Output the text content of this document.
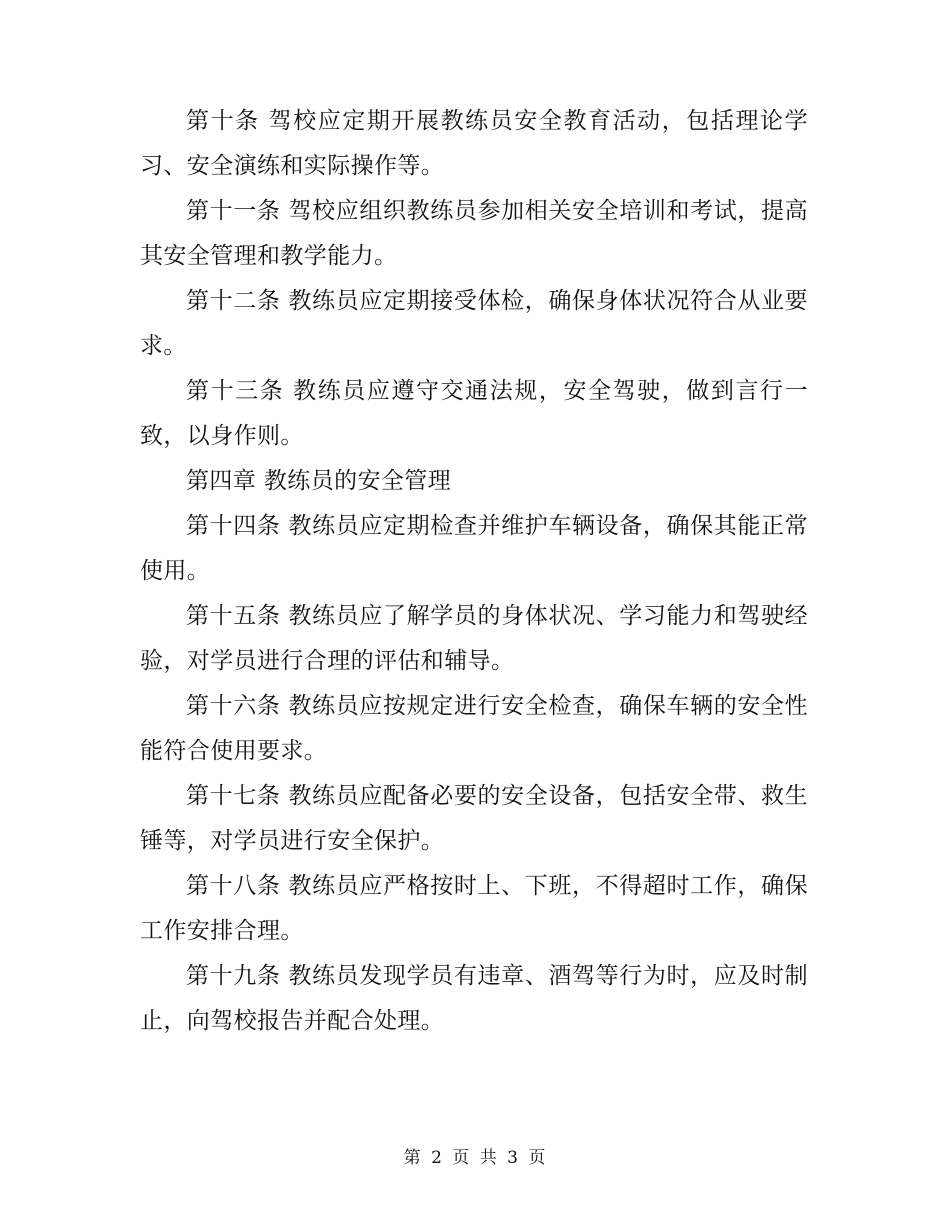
第十条 驾校应定期开展教练员安全教育活动，包括理论学习、安全演练和实际操作等。

第十一条 驾校应组织教练员参加相关安全培训和考试，提高其安全管理和教学能力。

第十二条 教练员应定期接受体检，确保身体状况符合从业要求。

第十三条 教练员应遵守交通法规，安全驾驶，做到言行一致，以身作则。

第四章 教练员的安全管理

第十四条 教练员应定期检查并维护车辆设备，确保其能正常使用。

第十五条 教练员应了解学员的身体状况、学习能力和驾驶经验，对学员进行合理的评估和辅导。

第十六条 教练员应按规定进行安全检查，确保车辆的安全性能符合使用要求。

第十七条 教练员应配备必要的安全设备，包括安全带、救生锤等，对学员进行安全保护。

第十八条 教练员应严格按时上、下班，不得超时工作，确保工作安排合理。

第十九条 教练员发现学员有违章、酒驾等行为时，应及时制止，向驾校报告并配合处理。

第 2 页 共 3 页
